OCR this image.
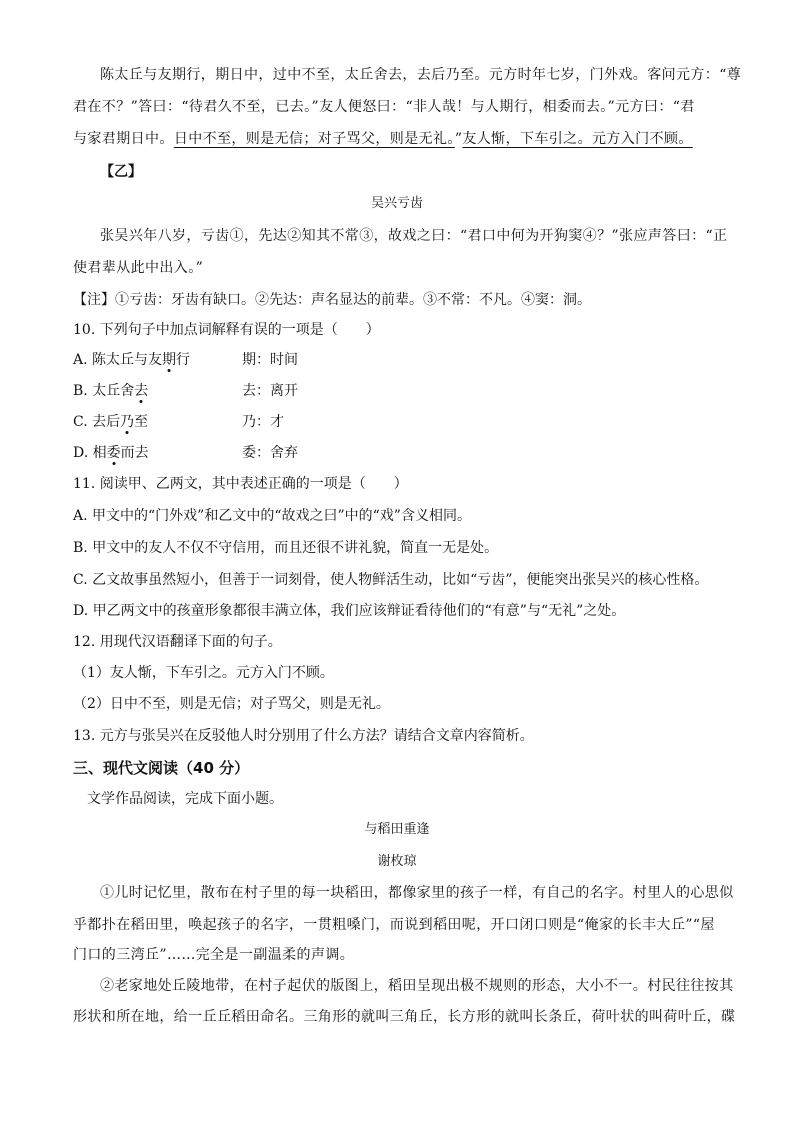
陈太丘与友期行，期日中，过中不至，太丘舍去，去后乃至。元方时年七岁，门外戏。客问元方：“尊
君在不？”答曰：“待君久不至，已去。”友人便怒曰：“非人哉！与人期行，相委而去。”元方曰：“君
与家君期日中。日中不至，则是无信；对子骂父，则是无礼。”友人惭，下车引之。元方入门不顾。
【乙】
吴兴亏齿
张吴兴年八岁，亏齿①，先达②知其不常③，故戏之曰：“君口中何为开狗窦④？”张应声答曰：“正
使君辈从此中出入。”
【注】①亏齿：牙齿有缺口。②先达：声名显达的前辈。③不常：不凡。④窦：洞。
10. 下列句子中加点词解释有误的一项是（　　）
A. 陈太丘与友期行	期：时间
B. 太丘舍去	去：离开
C. 去后乃至	乃：才
D. 相委而去	委：舍弃
11. 阅读甲、乙两文，其中表述正确的一项是（　　）
A. 甲文中的“门外戏”和乙文中的“故戏之曰”中的“戏”含义相同。
B. 甲文中的友人不仅不守信用，而且还很不讲礼貌，简直一无是处。
C. 乙文故事虽然短小，但善于一词刻骨，使人物鲜活生动，比如“亏齿”，便能突出张吴兴的核心性格。
D. 甲乙两文中的孩童形象都很丰满立体，我们应该辩证看待他们的“有意”与“无礼”之处。
12. 用现代汉语翻译下面的句子。
（1）友人惭，下车引之。元方入门不顾。
（2）日中不至，则是无信；对子骂父，则是无礼。
13. 元方与张吴兴在反驳他人时分别用了什么方法？请结合文章内容简析。
三、现代文阅读（40 分）
文学作品阅读，完成下面小题。
与稻田重逢
谢枚琼
①儿时记忆里，散布在村子里的每一块稻田，都像家里的孩子一样，有自己的名字。村里人的心思似
乎都扑在稻田里，唤起孩子的名字，一贯粗嗓门，而说到稻田呢，开口闭口则是“俺家的长丰大丘”“屋
门口的三湾丘”……完全是一副温柔的声调。
②老家地处丘陵地带，在村子起伏的版图上，稻田呈现出极不规则的形态，大小不一。村民往往按其
形状和所在地，给一丘丘稻田命名。三角形的就叫三角丘，长方形的就叫长条丘，荷叶状的叫荷叶丘，碟
